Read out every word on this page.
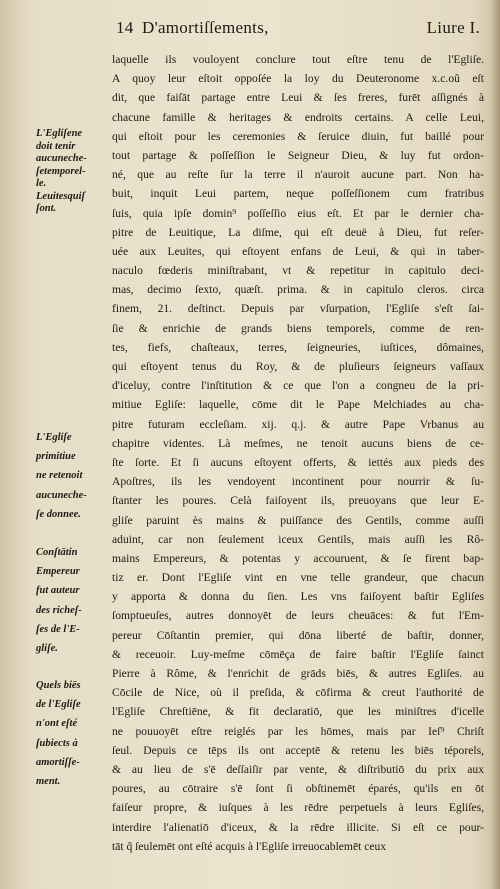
14 D'amortiſſements,	Liure I.
L'Egliſene
doit tenir
aucuneche-
ſetemporel-
le.
Leuitesquiſ
ſont.
L'Egliſe
primitiue
ne retenoit
aucuneche-
ſe donnee.
Conſtātin
Empereur
fut auteur
des richeſ-
ſes de l'E-
gliſe.
Quels biēs
de l'Egliſe
n'ont eſté
ſubiects à
amortiſſe-
ment.
laquelle ils vouloyent conclure tout eſtre tenu de l'Egliſe.
A quoy leur eſtoit oppoſée la loy du Deuteronome x.c.oũ eſt
dit, que faiſāt partage entre Leui & ſes freres, furēt aſſignés à
chacune famille & heritages & endroits certains. A celle Leui,
qui eſtoit pour les ceremonies & ſeruice diuin, fut baillé pour
tout partage & poſſeſſion le Seigneur Dieu, & luy fut ordon-
né, que au reſte ſur la terre il n'auroit aucune part. Non ha-
buit, inquit Leui partem, neque poſſeſſionem cum fratribus
ſuis, quia ipſe domin⁹ poſſeſſio eius eſt. Et par le dernier cha-
pitre de Leuitique, La diſme, qui eſt deuë à Dieu, fut reſer-
uée aux Leuites, qui eſtoyent enfans de Leui, & qui in taber-
naculo fœderis miniſtrabant, vt & repetitur in capitulo deci-
mas, decimo ſexto, quæſt. prima. & in capitulo cleros. circa
finem, 21. deſtinct. Depuis par vſurpation, l'Egliſe s'eſt ſai-
ſie & enrichie de grands biens temporels, comme de ren-
tes, fiefs, chaſteaux, terres, ſeigneuries, iuſtices, dômaines,
qui eſtoyent tenus du Roy, & de pluſieurs ſeigneurs vaſſaux
d'iceluy, contre l'inſtitution & ce que l'on a congneu de la pri-
mitiue Egliſe: laquelle, cōme dit le Pape Melchiades au cha-
pitre futuram eccleſiam. xij. q.j. & autre Pape Vrbanus au
chapitre videntes. Là meſmes, ne tenoit aucuns biens de ce-
ſte ſorte. Et ſi aucuns eſtoyent offerts, & iettés aux pieds des
Apoſtres, ils les vendoyent incontinent pour nourrir & ſu-
ſtanter les poures. Celà faiſoyent ils, preuoyans que leur E-
gliſe paruint ès mains & puiſſance des Gentils, comme auſſi
aduint, car non ſeulement iceux Gentils, mais auſſi les Rô-
mains Empereurs, & potentas y accouruent, & ſe firent bap-
tiz er. Dont l'Egliſe vint en vne telle grandeur, que chacun
y apporta & donna du ſien. Les vns faiſoyent baſtir Egliſes
ſomptueuſes, autres donnoyēt de leurs cheuāces: & fut l'Em-
pereur Cōſtantin premier, qui dōna liberté de baſtir, donner,
& receuoir. Luy-meſme cōmēça de faire baſtir l'Egliſe ſainct
Pierre à Rôme, & l'enrichit de grāds biēs, & autres Egliſes. au
Cōcile de Nice, où il preſida, & cōfirma & creut l'authorité de
l'Egliſe Chreſtiēne, & fit declaratiō, que les miniſtres d'icelle
ne pouuoyēt eſtre reiglés par les hōmes, mais par Ieſ⁹ Chriſt
ſeul. Depuis ce tēps ils ont acceptē & retenu les biēs téporels,
& au lieu de s'ē deſſaiſir par vente, & diſtributiō du prix aux
poures, au cōtraire s'ē ſont ſi obſtinemēt éparés, qu'ils en ōt
faiſeur propre, & iuſques à les rēdre perpetuels à leurs Egliſes,
interdire l'alienatiō d'iceux, & la rēdre illicite. Si eſt ce pour-
tāt q̃ ſeulemēt ont eſté acquis à l'Egliſe irreuocablemēt ceux
